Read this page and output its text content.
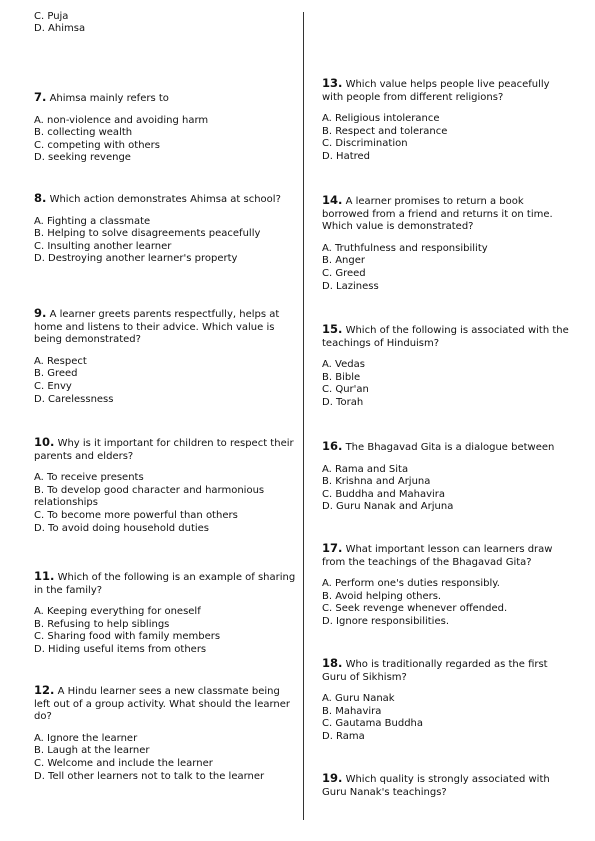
C. Puja
D. Ahimsa

7. Ahimsa mainly refers to

A. non-violence and avoiding harm
B. collecting wealth
C. competing with others
D. seeking revenge

8. Which action demonstrates Ahimsa at school?

A. Fighting a classmate
B. Helping to solve disagreements peacefully
C. Insulting another learner
D. Destroying another learner's property

9. A learner greets parents respectfully, helps at home and listens to their advice. Which value is being demonstrated?

A. Respect
B. Greed
C. Envy
D. Carelessness

10. Why is it important for children to respect their parents and elders?

A. To receive presents
B. To develop good character and harmonious relationships
C. To become more powerful than others
D. To avoid doing household duties

11. Which of the following is an example of sharing in the family?

A. Keeping everything for oneself
B. Refusing to help siblings
C. Sharing food with family members
D. Hiding useful items from others

12. A Hindu learner sees a new classmate being left out of a group activity. What should the learner do?

A. Ignore the learner
B. Laugh at the learner
C. Welcome and include the learner
D. Tell other learners not to talk to the learner

13. Which value helps people live peacefully with people from different religions?

A. Religious intolerance
B. Respect and tolerance
C. Discrimination
D. Hatred

14. A learner promises to return a book borrowed from a friend and returns it on time. Which value is demonstrated?

A. Truthfulness and responsibility
B. Anger
C. Greed
D. Laziness

15. Which of the following is associated with the teachings of Hinduism?

A. Vedas
B. Bible
C. Qur'an
D. Torah

16. The Bhagavad Gita is a dialogue between

A. Rama and Sita
B. Krishna and Arjuna
C. Buddha and Mahavira
D. Guru Nanak and Arjuna

17. What important lesson can learners draw from the teachings of the Bhagavad Gita?

A. Perform one's duties responsibly.
B. Avoid helping others.
C. Seek revenge whenever offended.
D. Ignore responsibilities.

18. Who is traditionally regarded as the first Guru of Sikhism?

A. Guru Nanak
B. Mahavira
C. Gautama Buddha
D. Rama

19. Which quality is strongly associated with Guru Nanak's teachings?
